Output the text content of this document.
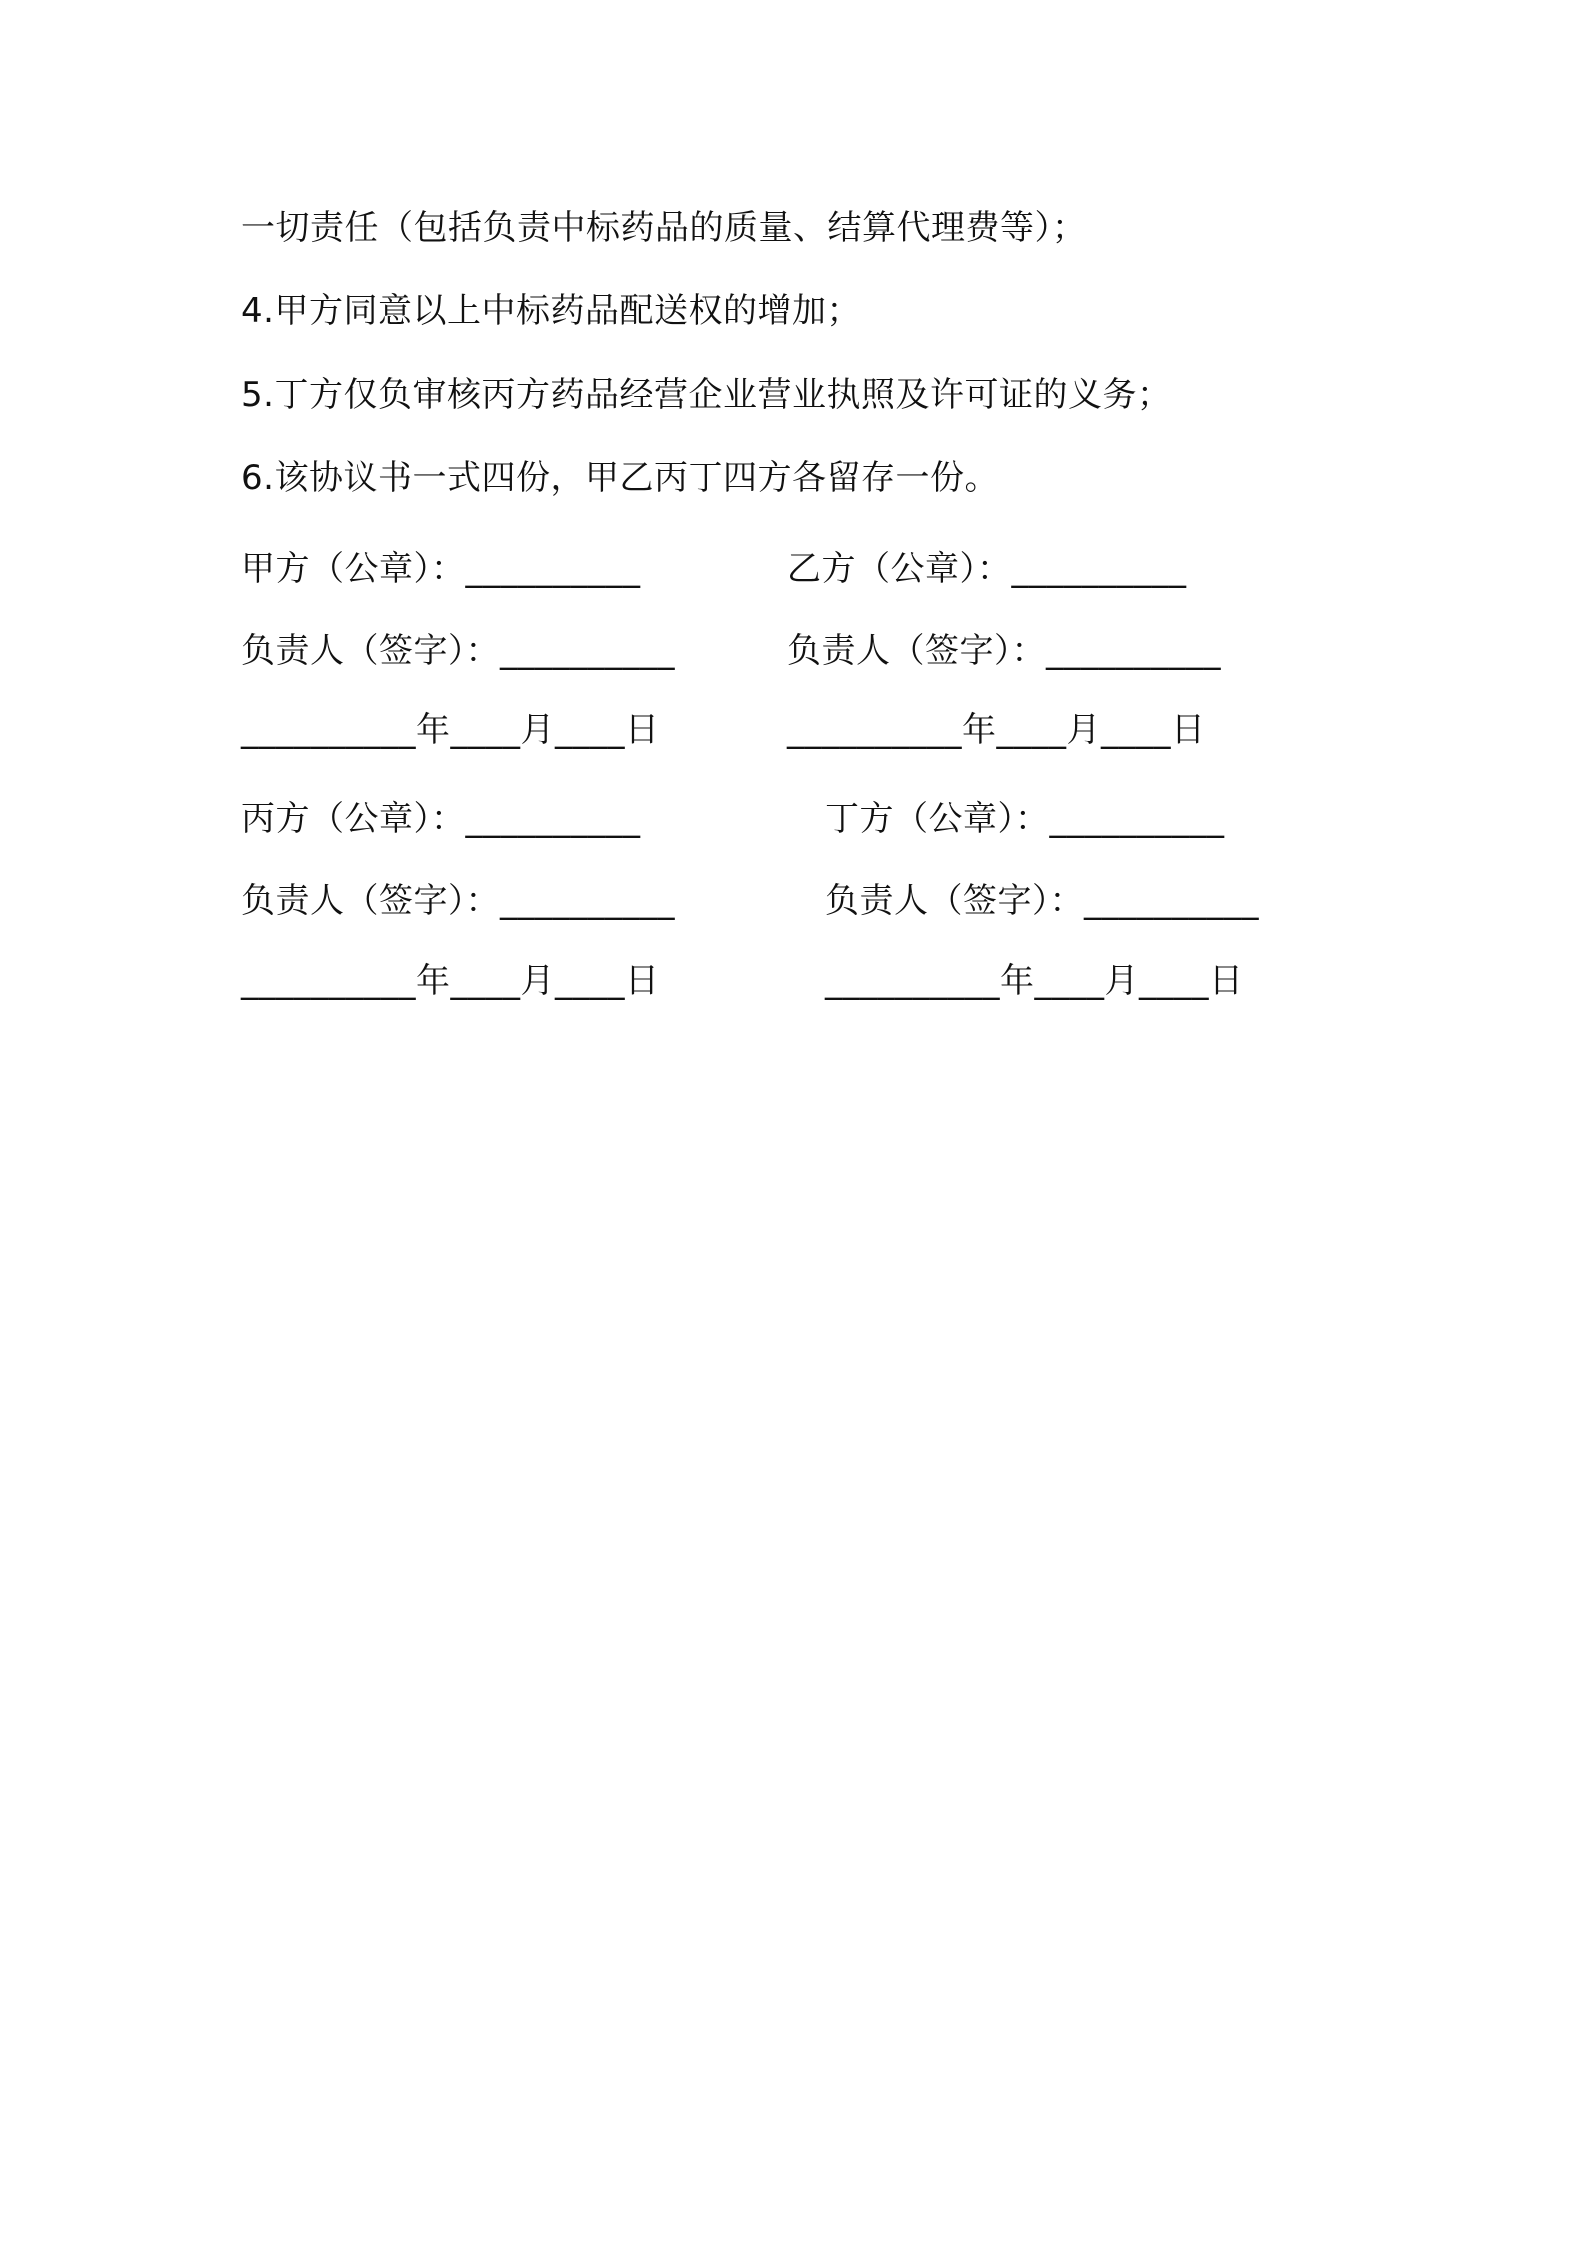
一切责任（包括负责中标药品的质量、结算代理费等）；
4.甲方同意以上中标药品配送权的增加；
5.丁方仅负审核丙方药品经营企业营业执照及许可证的义务；
6.该协议书一式四份，甲乙丙丁四方各留存一份。
甲方（公章）：__________
负责人（签字）：__________
__________年____月____日
乙方（公章）：__________
负责人（签字）：__________
__________年____月____日
丙方（公章）：__________
负责人（签字）：__________
__________年____月____日
丁方（公章）：__________
负责人（签字）：__________
__________年____月____日
